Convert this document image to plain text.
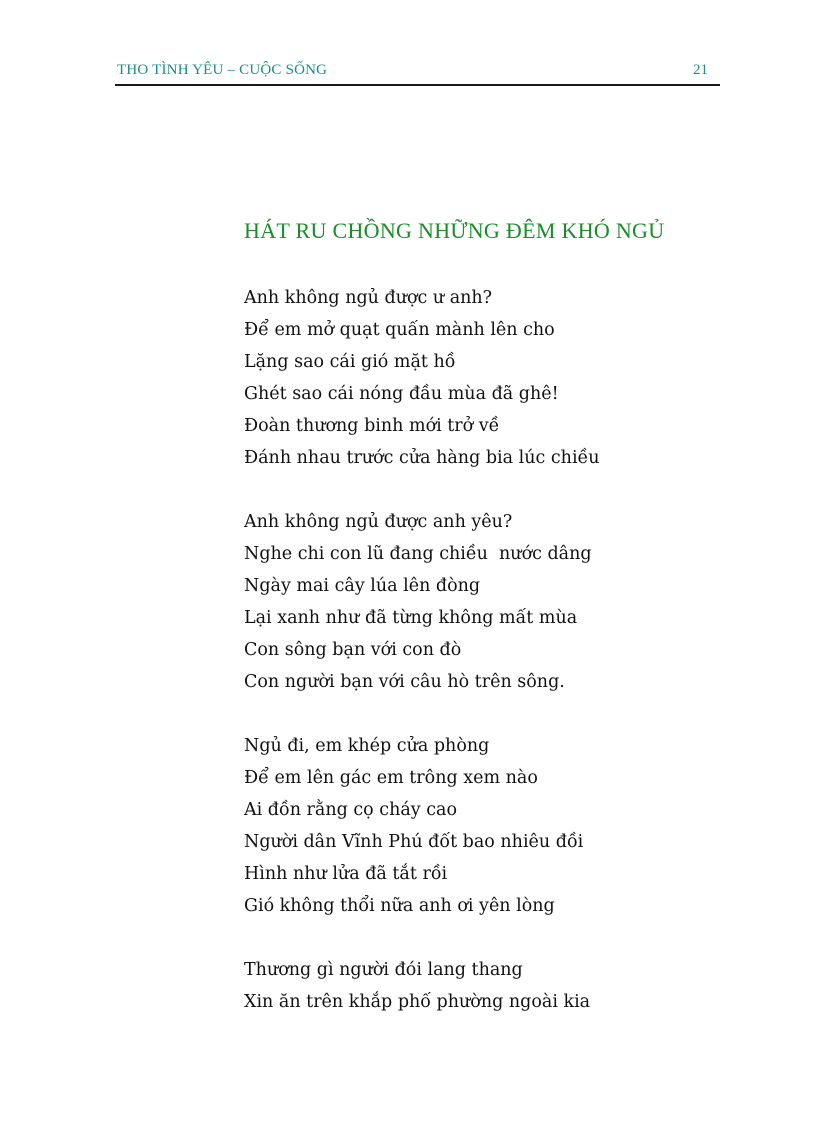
THO TÌNH YÊU – CUỘC SỐNG	21
HÁT RU CHỒNG NHỮNG ĐÊM KHÓ NGỦ
Anh không ngủ được ư anh?
Để em mở quạt quấn mành lên cho
Lặng sao cái gió mặt hồ
Ghét sao cái nóng đầu mùa đã ghê!
Đoàn thương binh mới trở về
Đánh nhau trước cửa hàng bia lúc chiều
Anh không ngủ được anh yêu?
Nghe chi con lũ đang chiều  nước dâng
Ngày mai cây lúa lên đòng
Lại xanh như đã từng không mất mùa
Con sông bạn với con đò
Con người bạn với câu hò trên sông.
Ngủ đi, em khép cửa phòng
Để em lên gác em trông xem nào
Ai đồn rằng cọ cháy cao
Người dân Vĩnh Phú đốt bao nhiêu đồi
Hình như lửa đã tắt rồi
Gió không thổi nữa anh ơi yên lòng
Thương gì người đói lang thang
Xin ăn trên khắp phố phường ngoài kia
